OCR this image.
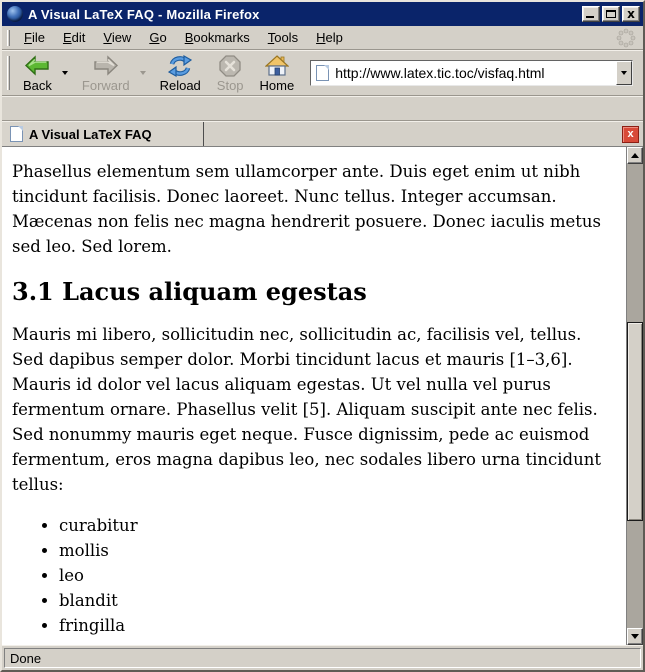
A Visual LaTeX FAQ - Mozilla Firefox	x
File	Edit	View	Go	Bookmarks	Tools	Help
Back Forward Reload Stop Home
http://www.latex.tic.toc/visfaq.html
A Visual LaTeX FAQ	x

Phasellus elementum sem ullamcorper ante. Duis eget enim ut nibh tincidunt facilisis. Donec laoreet. Nunc tellus. Integer accumsan. Mæcenas non felis nec magna hendrerit posuere. Donec iaculis metus sed leo. Sed lorem.

3.1 Lacus aliquam egestas

Mauris mi libero, sollicitudin nec, sollicitudin ac, facilisis vel, tellus. Sed dapibus semper dolor. Morbi tincidunt lacus et mauris [1–3,6]. Mauris id dolor vel lacus aliquam egestas. Ut vel nulla vel purus fermentum ornare. Phasellus velit [5]. Aliquam suscipit ante nec felis. Sed nonummy mauris eget neque. Fusce dignissim, pede ac euismod fermentum, eros magna dapibus leo, nec sodales libero urna tincidunt tellus:

• curabitur
• mollis
• leo
• blandit
• fringilla

Done
